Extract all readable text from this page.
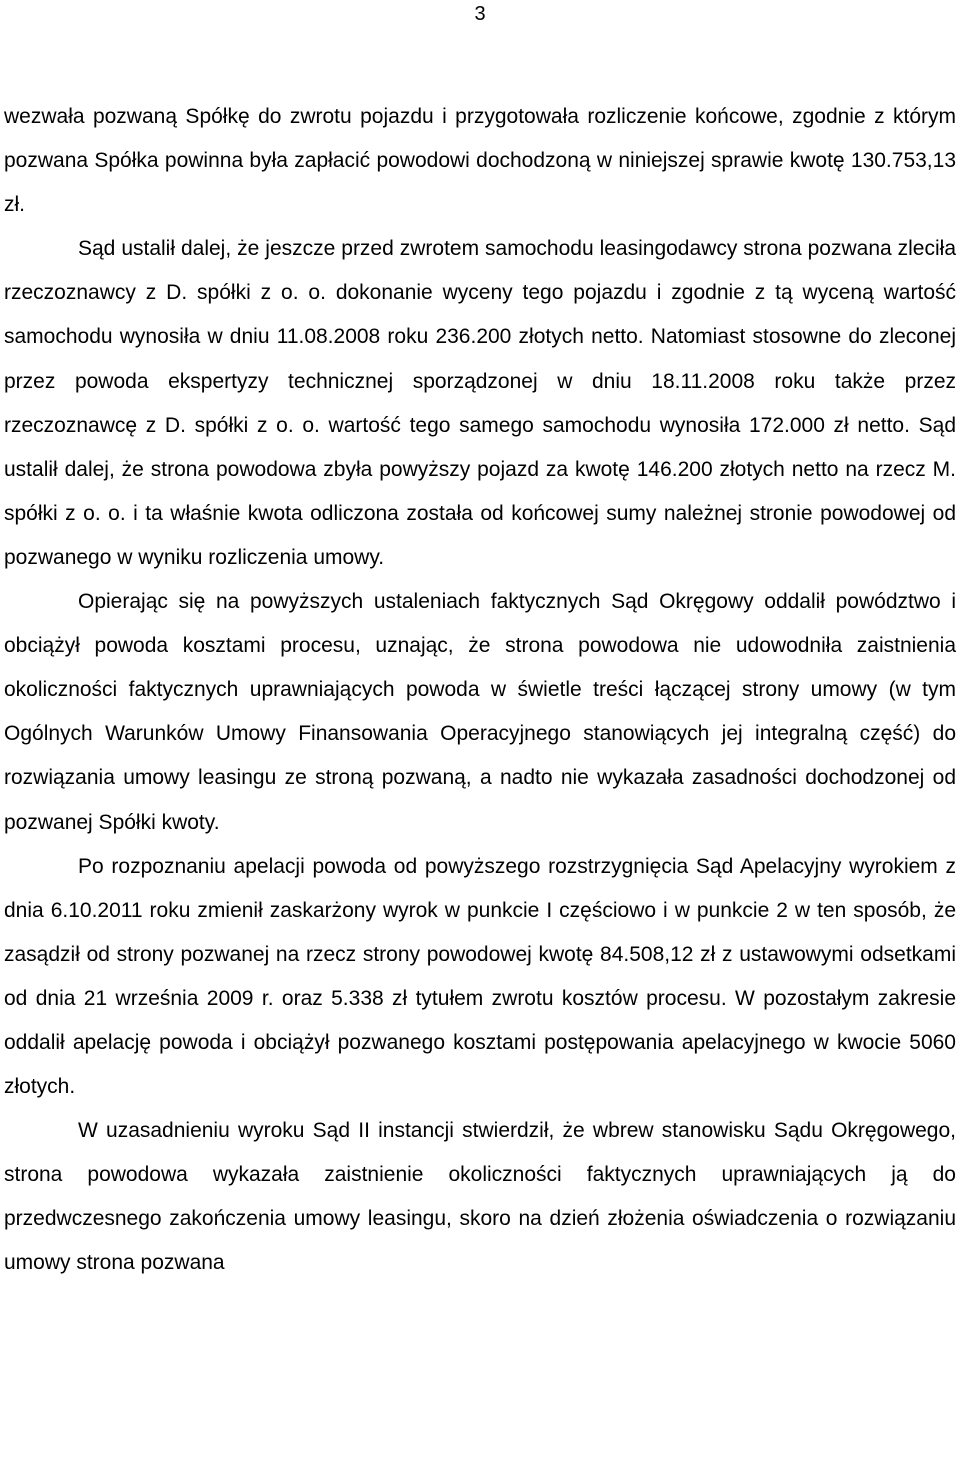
3

wezwała pozwaną Spółkę do zwrotu pojazdu i przygotowała rozliczenie końcowe, zgodnie z którym pozwana Spółka powinna była zapłacić powodowi dochodzoną w niniejszej sprawie kwotę 130.753,13 zł.

Sąd ustalił dalej, że jeszcze przed zwrotem samochodu leasingodawcy strona pozwana zleciła rzeczoznawcy z D. spółki z o. o. dokonanie wyceny tego pojazdu i zgodnie z tą wyceną wartość samochodu wynosiła w dniu 11.08.2008 roku 236.200 złotych netto. Natomiast stosowne do zleconej przez powoda ekspertyzy technicznej sporządzonej w dniu 18.11.2008 roku także przez rzeczoznawcę z D. spółki z o. o. wartość tego samego samochodu wynosiła 172.000 zł netto. Sąd ustalił dalej, że strona powodowa zbyła powyższy pojazd za kwotę 146.200 złotych netto na rzecz M. spółki z o. o. i ta właśnie kwota odliczona została od końcowej sumy należnej stronie powodowej od pozwanego w wyniku rozliczenia umowy.

Opierając się na powyższych ustaleniach faktycznych Sąd Okręgowy oddalił powództwo i obciążył powoda kosztami procesu, uznając, że strona powodowa nie udowodniła zaistnienia okoliczności faktycznych uprawniających powoda w świetle treści łączącej strony umowy (w tym Ogólnych Warunków Umowy Finansowania Operacyjnego stanowiących jej integralną część) do rozwiązania umowy leasingu ze stroną pozwaną, a nadto nie wykazała zasadności dochodzonej od pozwanej Spółki kwoty.

Po rozpoznaniu apelacji powoda od powyższego rozstrzygnięcia Sąd Apelacyjny wyrokiem z dnia 6.10.2011 roku zmienił zaskarżony wyrok w punkcie I częściowo i w punkcie 2 w ten sposób, że zasądził od strony pozwanej na rzecz strony powodowej kwotę 84.508,12 zł z ustawowymi odsetkami od dnia 21 września 2009 r. oraz 5.338 zł tytułem zwrotu kosztów procesu. W pozostałym zakresie oddalił apelację powoda i obciążył pozwanego kosztami postępowania apelacyjnego w kwocie 5060 złotych.

W uzasadnieniu wyroku Sąd II instancji stwierdził, że wbrew stanowisku Sądu Okręgowego, strona powodowa wykazała zaistnienie okoliczności faktycznych uprawniających ją do przedwczesnego zakończenia umowy leasingu, skoro na dzień złożenia oświadczenia o rozwiązaniu umowy strona pozwana
